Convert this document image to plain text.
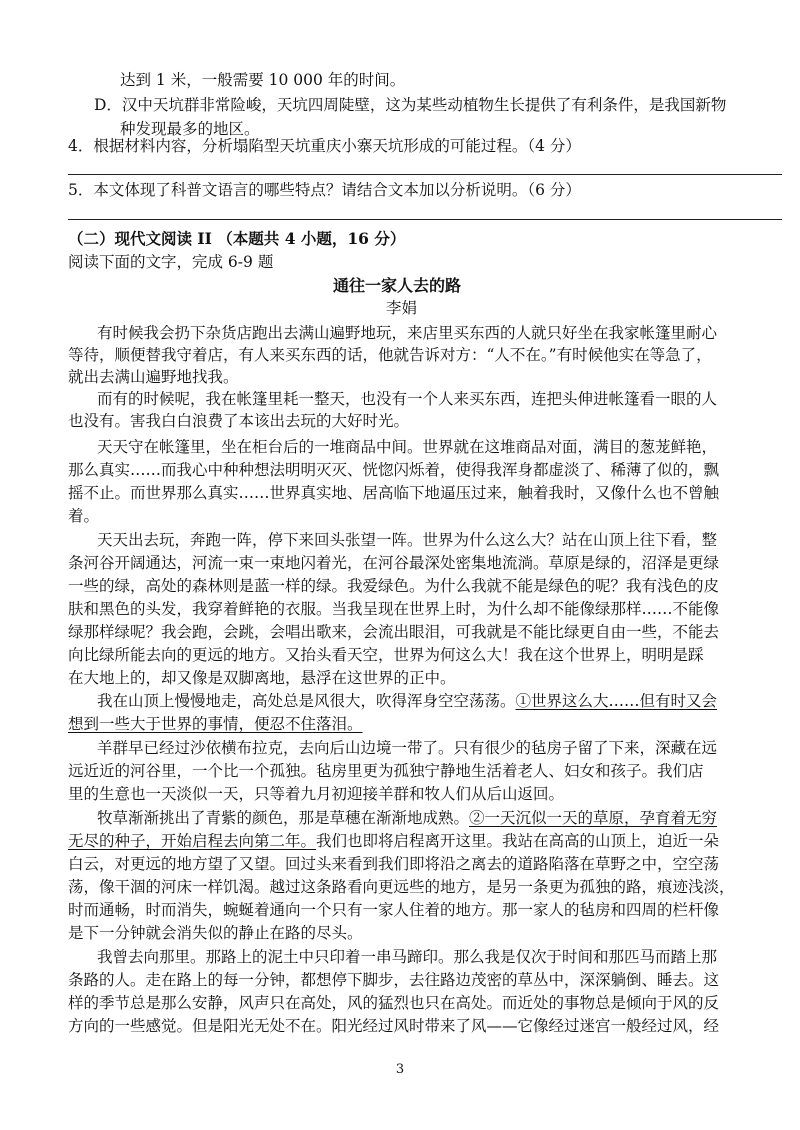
达到 1 米，一般需要 10 000 年的时间。
D．汉中天坑群非常险峻，天坑四周陡壁，这为某些动植物生长提供了有利条件，是我国新物
种发现最多的地区。
4．根据材料内容，分析塌陷型天坑重庆小寨天坑形成的可能过程。（4 分）
5．本文体现了科普文语言的哪些特点？请结合文本加以分析说明。（6 分）
（二）现代文阅读 II （本题共 4 小题，16 分）
阅读下面的文字，完成 6-9 题
通往一家人去的路
李娟
有时候我会扔下杂货店跑出去满山遍野地玩，来店里买东西的人就只好坐在我家帐篷里耐心
等待，顺便替我守着店，有人来买东西的话，他就告诉对方：“人不在。”有时候他实在等急了，
就出去满山遍野地找我。
而有的时候呢，我在帐篷里耗一整天，也没有一个人来买东西，连把头伸进帐篷看一眼的人
也没有。害我白白浪费了本该出去玩的大好时光。
天天守在帐篷里，坐在柜台后的一堆商品中间。世界就在这堆商品对面，满目的葱茏鲜艳，
那么真实……而我心中种种想法明明灭灭、恍惚闪烁着，使得我浑身都虚淡了、稀薄了似的，飘
摇不止。而世界那么真实……世界真实地、居高临下地逼压过来，触着我时，又像什么也不曾触
着。
天天出去玩，奔跑一阵，停下来回头张望一阵。世界为什么这么大？站在山顶上往下看，整
条河谷开阔通达，河流一束一束地闪着光，在河谷最深处密集地流淌。草原是绿的，沼泽是更绿
一些的绿，高处的森林则是蓝一样的绿。我爱绿色。为什么我就不能是绿色的呢？我有浅色的皮
肤和黑色的头发，我穿着鲜艳的衣服。当我呈现在世界上时，为什么却不能像绿那样……不能像
绿那样绿呢？我会跑，会跳，会唱出歌来，会流出眼泪，可我就是不能比绿更自由一些，不能去
向比绿所能去向的更远的地方。又抬头看天空，世界为何这么大！我在这个世界上，明明是踩
在大地上的，却又像是双脚离地，悬浮在这世界的正中。
我在山顶上慢慢地走，高处总是风很大，吹得浑身空空荡荡。①世界这么大……但有时又会
想到一些大于世界的事情，便忍不住落泪。
羊群早已经过沙依横布拉克，去向后山边境一带了。只有很少的毡房子留了下来，深藏在远
远近近的河谷里，一个比一个孤独。毡房里更为孤独宁静地生活着老人、妇女和孩子。我们店
里的生意也一天淡似一天，只等着九月初迎接羊群和牧人们从后山返回。
牧草渐渐挑出了青紫的颜色，那是草穗在渐渐地成熟。②一天沉似一天的草原，孕育着无穷
无尽的种子，开始启程去向第二年。我们也即将启程离开这里。我站在高高的山顶上，迫近一朵
白云，对更远的地方望了又望。回过头来看到我们即将沿之离去的道路陷落在草野之中，空空荡
荡，像干涸的河床一样饥渴。越过这条路看向更远些的地方，是另一条更为孤独的路，痕迹浅淡，
时而通畅，时而消失，蜿蜒着通向一个只有一家人住着的地方。那一家人的毡房和四周的栏杆像
是下一分钟就会消失似的静止在路的尽头。
我曾去向那里。那路上的泥土中只印着一串马蹄印。那么我是仅次于时间和那匹马而踏上那
条路的人。走在路上的每一分钟，都想停下脚步，去往路边茂密的草丛中，深深躺倒、睡去。这
样的季节总是那么安静，风声只在高处，风的猛烈也只在高处。而近处的事物总是倾向于风的反
方向的一些感觉。但是阳光无处不在。阳光经过风时带来了风——它像经过迷宫一般经过风，经
3
